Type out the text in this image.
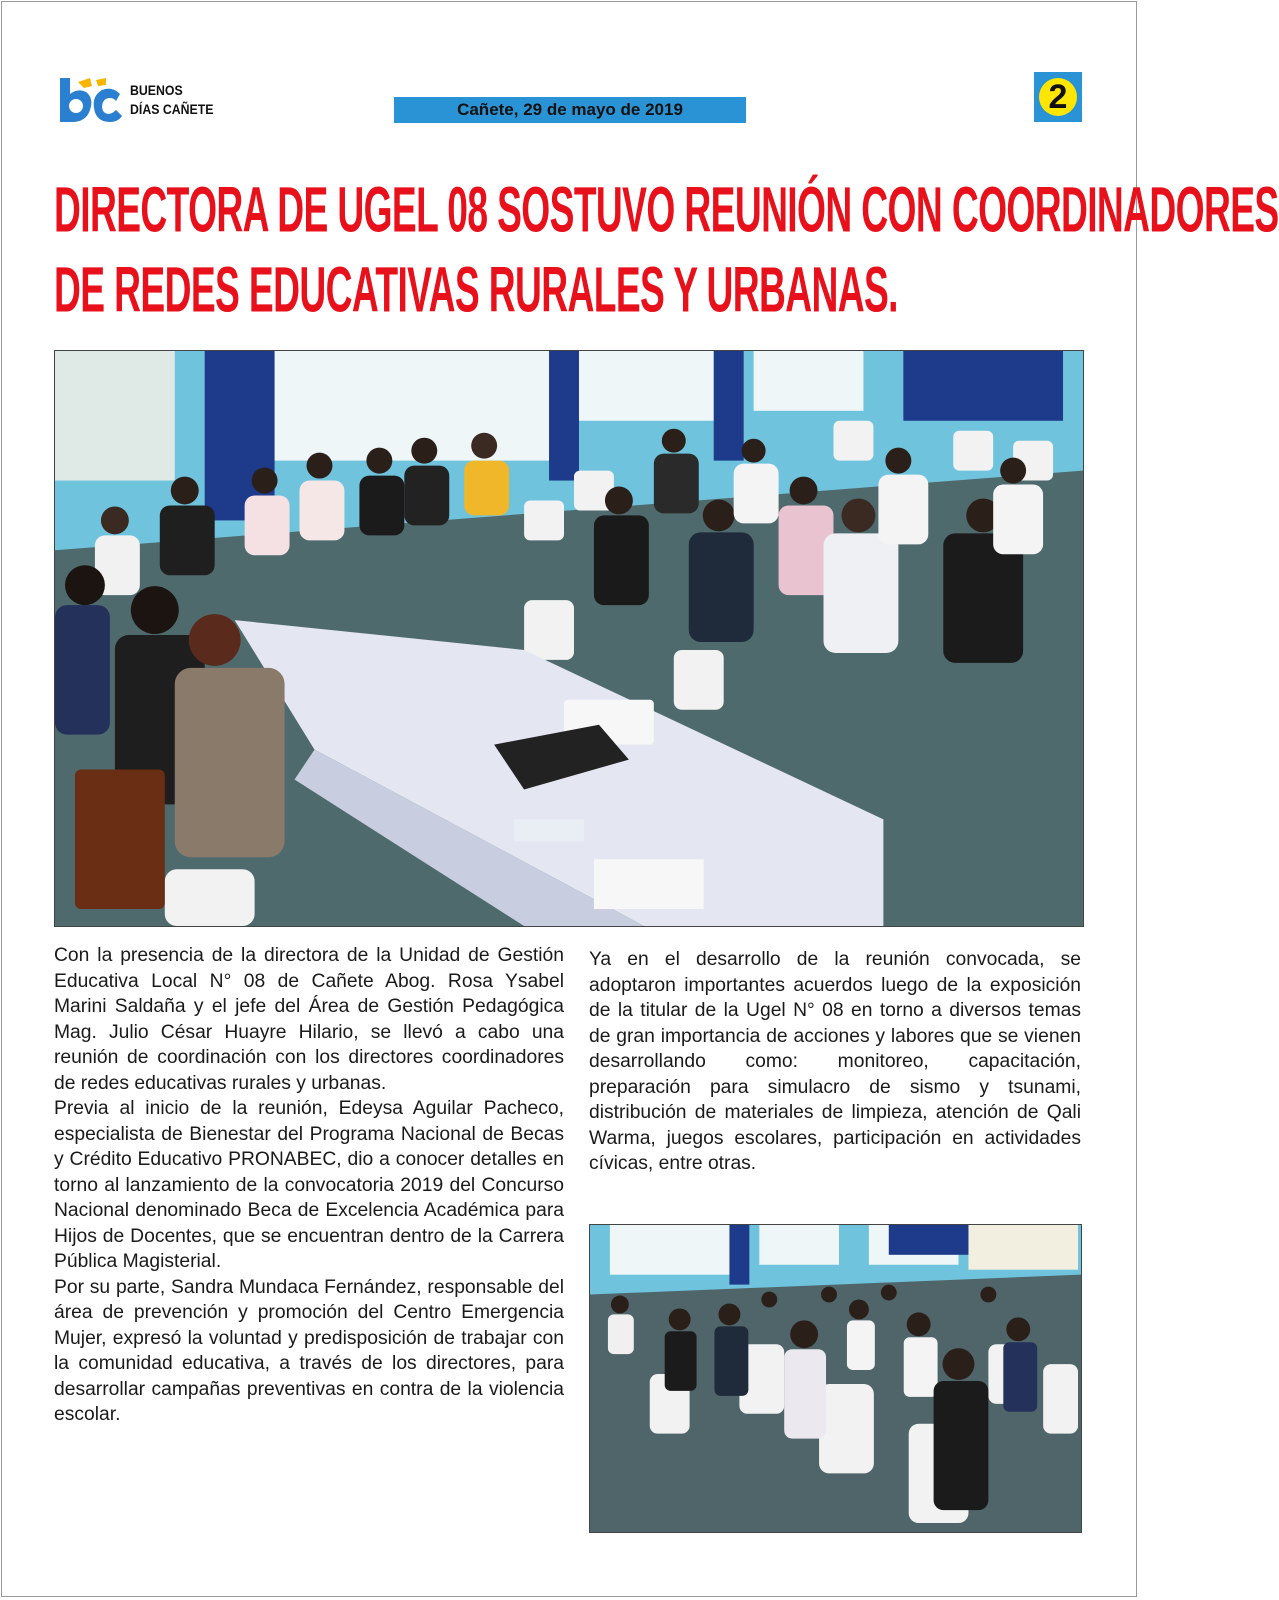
BUENOS
DÍAS CAÑETE	Cañete, 29 de mayo de 2019	2
DIRECTORA DE UGEL 08 SOSTUVO REUNIÓN CON COORDINADORES
DE REDES EDUCATIVAS RURALES Y URBANAS.

Con la presencia de la directora de la Unidad de Gestión Educativa Local N° 08 de Cañete Abog. Rosa Ysabel Marini Saldaña y el jefe del Área de Gestión Pedagógica Mag. Julio César Huayre Hilario, se llevó a cabo una reunión de coordinación con los directores coordinadores de redes educativas rurales y urbanas.

Previa al inicio de la reunión, Edeysa Aguilar Pacheco, especialista de Bienestar del Programa Nacional de Becas y Crédito Educativo PRONABEC, dio a conocer detalles en torno al lanzamiento de la convocatoria 2019 del Concurso Nacional denominado Beca de Excelencia Académica para Hijos de Docentes, que se encuentran dentro de la Carrera Pública Magisterial.

Por su parte, Sandra Mundaca Fernández, responsable del área de prevención y promoción del Centro Emergencia Mujer, expresó la voluntad y predisposición de trabajar con la comunidad educativa, a través de los directores, para desarrollar campañas preventivas en contra de la violencia escolar.

Ya en el desarrollo de la reunión convocada, se adoptaron importantes acuerdos luego de la exposición de la titular de la Ugel N° 08 en torno a diversos temas de gran importancia de acciones y labores que se vienen desarrollando como: monitoreo, capacitación, preparación para simulacro de sismo y tsunami, distribución de materiales de limpieza, atención de Qali Warma, juegos escolares, participación en actividades cívicas, entre otras.
